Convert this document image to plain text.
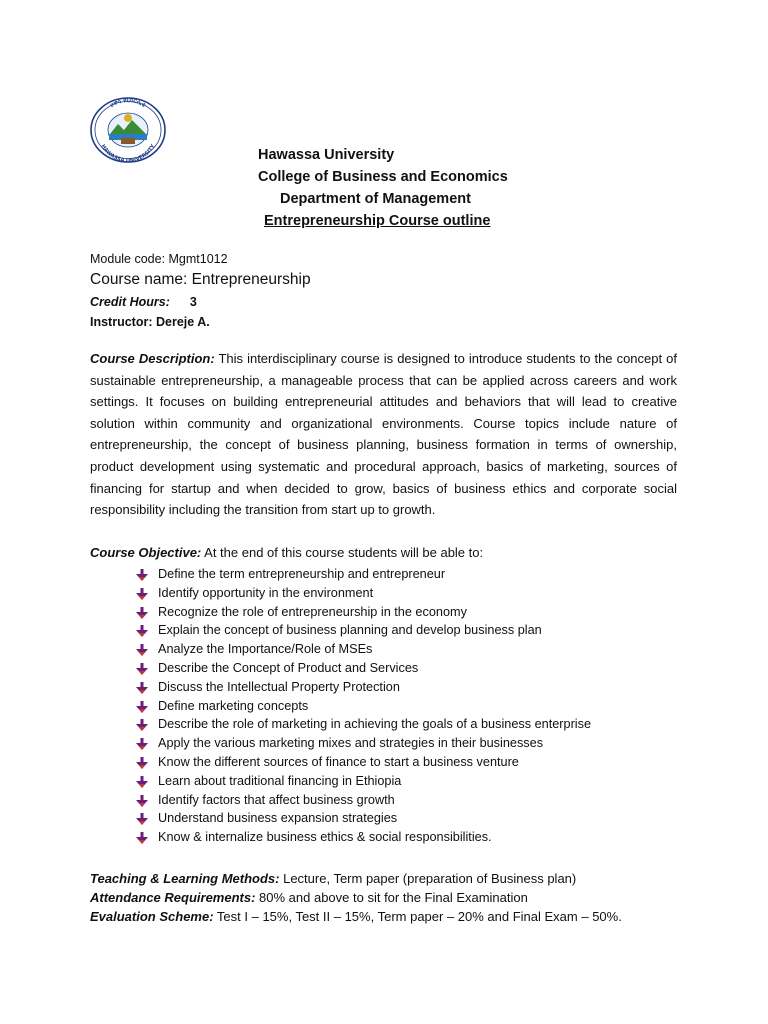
ሀዋሳ ዩኒቨርሲቲ
HAWASSA UNIVERSITY
Hawassa University
College of Business and Economics
Department of Management
Entrepreneurship Course outline
Module code: Mgmt1012
Course name: Entrepreneurship
Credit Hours: 3
Instructor: Dereje A.
Course Description: This interdisciplinary course is designed to introduce students to the concept of sustainable entrepreneurship, a manageable process that can be applied across careers and work settings. It focuses on building entrepreneurial attitudes and behaviors that will lead to creative solution within community and organizational environments. Course topics include nature of entrepreneurship, the concept of business planning, business formation in terms of ownership, product development using systematic and procedural approach, basics of marketing, sources of financing for startup and when decided to grow, basics of business ethics and corporate social responsibility including the transition from start up to growth.
Course Objective: At the end of this course students will be able to:
Define the term entrepreneurship and entrepreneur
Identify opportunity in the environment
Recognize the role of entrepreneurship in the economy
Explain the concept of business planning and develop business plan
Analyze the Importance/Role of MSEs
Describe the Concept of Product and Services
Discuss the Intellectual Property Protection
Define marketing concepts
Describe the role of marketing in achieving the goals of a business enterprise
Apply the various marketing mixes and strategies in their businesses
Know the different sources of finance to start a business venture
Learn about traditional financing in Ethiopia
Identify factors that affect business growth
Understand business expansion strategies
Know & internalize business ethics & social responsibilities.
Teaching & Learning Methods: Lecture, Term paper (preparation of Business plan)
Attendance Requirements: 80% and above to sit for the Final Examination
Evaluation Scheme: Test I – 15%, Test II – 15%, Term paper – 20% and Final Exam – 50%.
